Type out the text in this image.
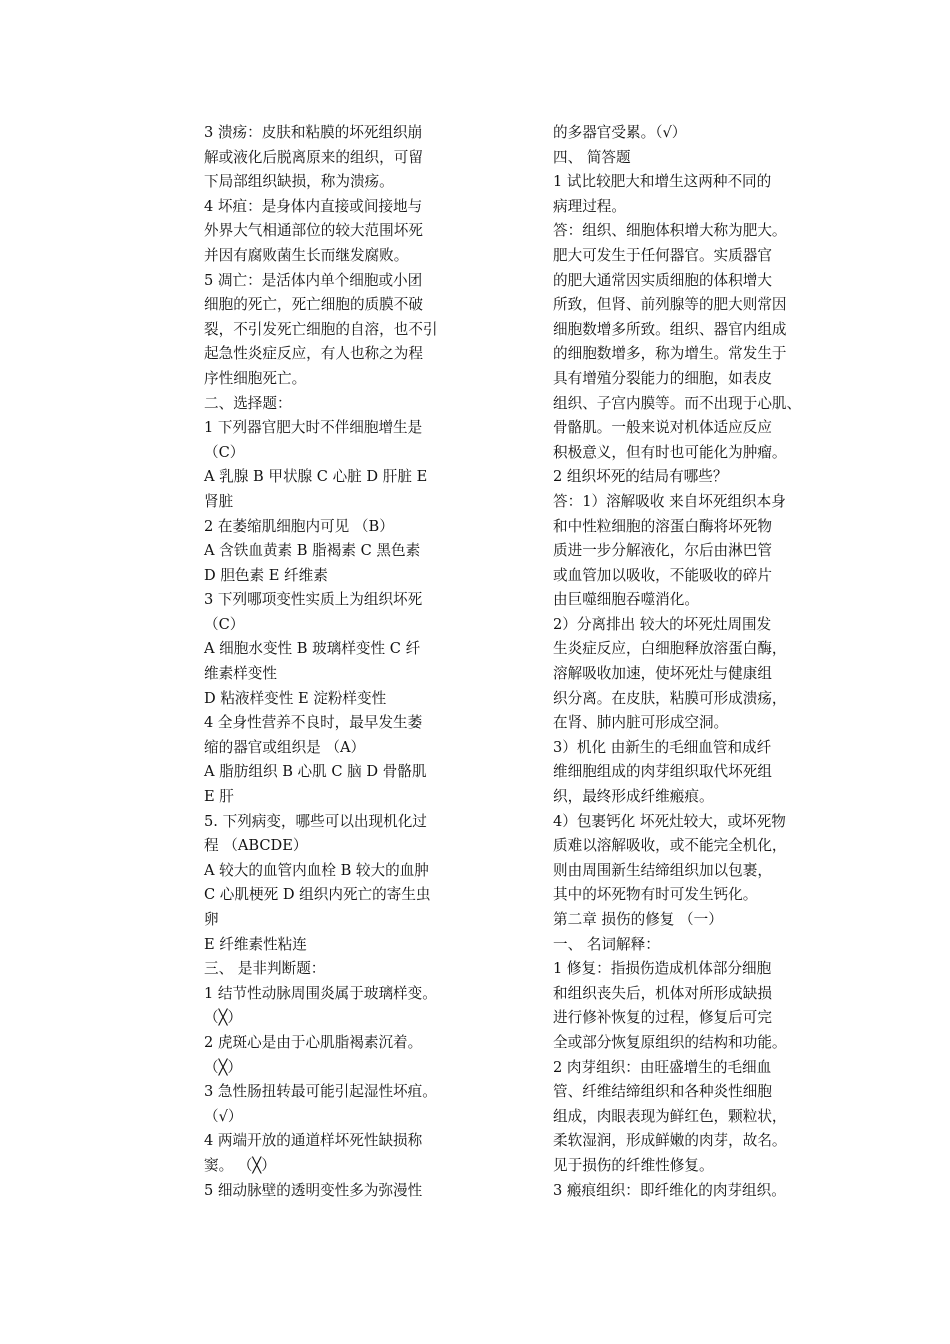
3 溃疡：皮肤和粘膜的坏死组织崩

解或液化后脱离原来的组织，可留

下局部组织缺损，称为溃疡。

4 坏疽：是身体内直接或间接地与

外界大气相通部位的较大范围坏死

并因有腐败菌生长而继发腐败。

5 凋亡：是活体内单个细胞或小团

细胞的死亡，死亡细胞的质膜不破

裂，不引发死亡细胞的自溶，也不引

起急性炎症反应，有人也称之为程

序性细胞死亡。

二、选择题：

1 下列器官肥大时不伴细胞增生是

（C）

A 乳腺 B 甲状腺 C 心脏 D 肝脏 E

肾脏

2 在萎缩肌细胞内可见 （B）

A 含铁血黄素 B 脂褐素 C 黑色素

D 胆色素 E 纤维素

3 下列哪项变性实质上为组织坏死

（C）

A 细胞水变性 B 玻璃样变性 C 纤

维素样变性

D 粘液样变性 E 淀粉样变性

4 全身性营养不良时，最早发生萎

缩的器官或组织是 （A）

A 脂肪组织 B 心肌 C 脑 D 骨骼肌

E 肝

5. 下列病变，哪些可以出现机化过

程 （ABCDE）

A 较大的血管内血栓 B 较大的血肿

C 心肌梗死 D 组织内死亡的寄生虫

卵

E 纤维素性粘连

三、 是非判断题：

1 结节性动脉周围炎属于玻璃样变。

（╳）

2 虎斑心是由于心肌脂褐素沉着。

（╳）

3 急性肠扭转最可能引起湿性坏疽。

（√）

4 两端开放的通道样坏死性缺损称

窦。 （╳）

5 细动脉壁的透明变性多为弥漫性

的多器官受累。（√）

四、 简答题

1 试比较肥大和增生这两种不同的

病理过程。

答：组织、细胞体积增大称为肥大。

肥大可发生于任何器官。实质器官

的肥大通常因实质细胞的体积增大

所致，但肾、前列腺等的肥大则常因

细胞数增多所致。组织、器官内组成

的细胞数增多，称为增生。常发生于

具有增殖分裂能力的细胞，如表皮

组织、子宫内膜等。而不出现于心肌、

骨骼肌。一般来说对机体适应反应

积极意义，但有时也可能化为肿瘤。

2 组织坏死的结局有哪些？

答：1）溶解吸收 来自坏死组织本身

和中性粒细胞的溶蛋白酶将坏死物

质进一步分解液化，尔后由淋巴管

或血管加以吸收，不能吸收的碎片

由巨噬细胞吞噬消化。

2）分离排出 较大的坏死灶周围发

生炎症反应，白细胞释放溶蛋白酶，

溶解吸收加速，使坏死灶与健康组

织分离。在皮肤，粘膜可形成溃疡，

在肾、肺内脏可形成空洞。

3）机化 由新生的毛细血管和成纤

维细胞组成的肉芽组织取代坏死组

织，最终形成纤维瘢痕。

4）包裹钙化 坏死灶较大，或坏死物

质难以溶解吸收，或不能完全机化，

则由周围新生结缔组织加以包裹，

其中的坏死物有时可发生钙化。

第二章 损伤的修复 （一）

一、 名词解释：

1 修复：指损伤造成机体部分细胞

和组织丧失后，机体对所形成缺损

进行修补恢复的过程，修复后可完

全或部分恢复原组织的结构和功能。

2 肉芽组织：由旺盛增生的毛细血

管、纤维结缔组织和各种炎性细胞

组成，肉眼表现为鲜红色，颗粒状，

柔软湿润，形成鲜嫩的肉芽，故名。

见于损伤的纤维性修复。

3 瘢痕组织：即纤维化的肉芽组织。
